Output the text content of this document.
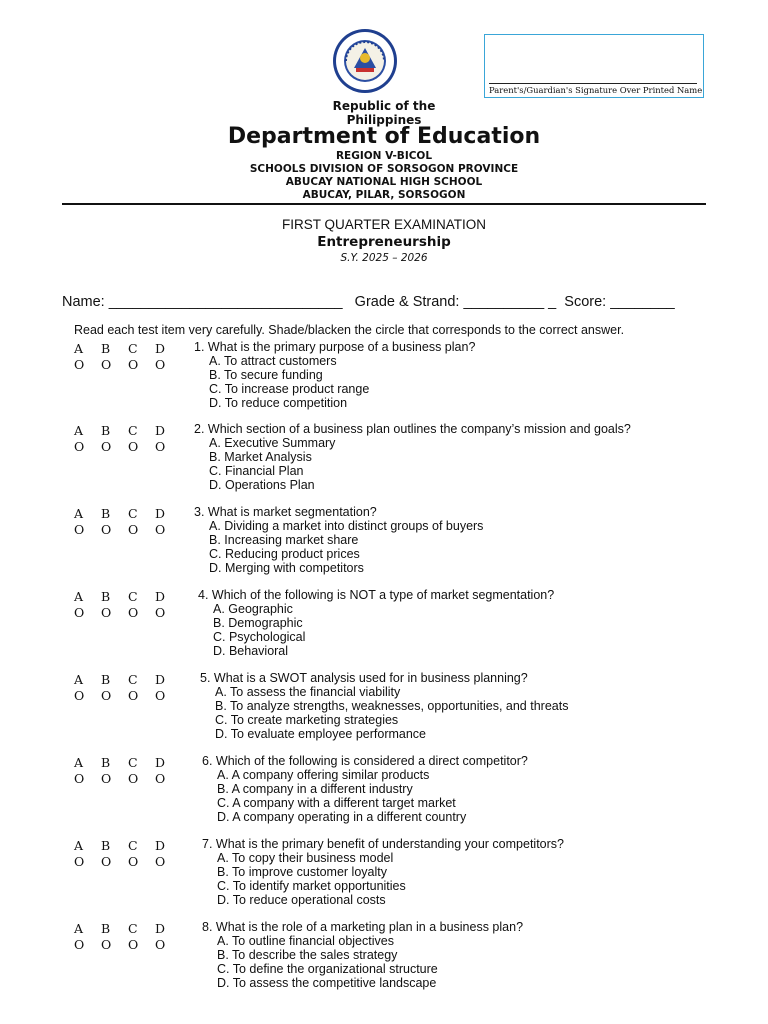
Parent's/Guardian's Signature Over Printed Name
Republic of the
Philippines
Department of Education
REGION V-BICOL
SCHOOLS DIVISION OF SORSOGON PROVINCE
ABUCAY NATIONAL HIGH SCHOOL
ABUCAY, PILAR, SORSOGON
FIRST QUARTER EXAMINATION
Entrepreneurship
S.Y. 2025 – 2026
Name: _____________________________   Grade & Strand: __________ _  Score: ________
Read each test item very carefully. Shade/blacken the circle that corresponds to the correct answer.
A	B	C	D
O	O	O	O
1. What is the primary purpose of a business plan?
A. To attract customers
B. To secure funding
C. To increase product range
D. To reduce competition
A	B	C	D
O	O	O	O
2. Which section of a business plan outlines the company’s mission and goals?
A. Executive Summary
B. Market Analysis
C. Financial Plan
D. Operations Plan
A	B	C	D
O	O	O	O
3. What is market segmentation?
A. Dividing a market into distinct groups of buyers
B. Increasing market share
C. Reducing product prices
D. Merging with competitors
A	B	C	D
O	O	O	O
4. Which of the following is NOT a type of market segmentation?
A. Geographic
B. Demographic
C. Psychological
D. Behavioral
A	B	C	D
O	O	O	O
5. What is a SWOT analysis used for in business planning?
A. To assess the financial viability
B. To analyze strengths, weaknesses, opportunities, and threats
C. To create marketing strategies
D. To evaluate employee performance
A	B	C	D
O	O	O	O
6. Which of the following is considered a direct competitor?
A. A company offering similar products
B. A company in a different industry
C. A company with a different target market
D. A company operating in a different country
A	B	C	D
O	O	O	O
7. What is the primary benefit of understanding your competitors?
A. To copy their business model
B. To improve customer loyalty
C. To identify market opportunities
D. To reduce operational costs
A	B	C	D
O	O	O	O
8. What is the role of a marketing plan in a business plan?
A. To outline financial objectives
B. To describe the sales strategy
C. To define the organizational structure
D. To assess the competitive landscape
